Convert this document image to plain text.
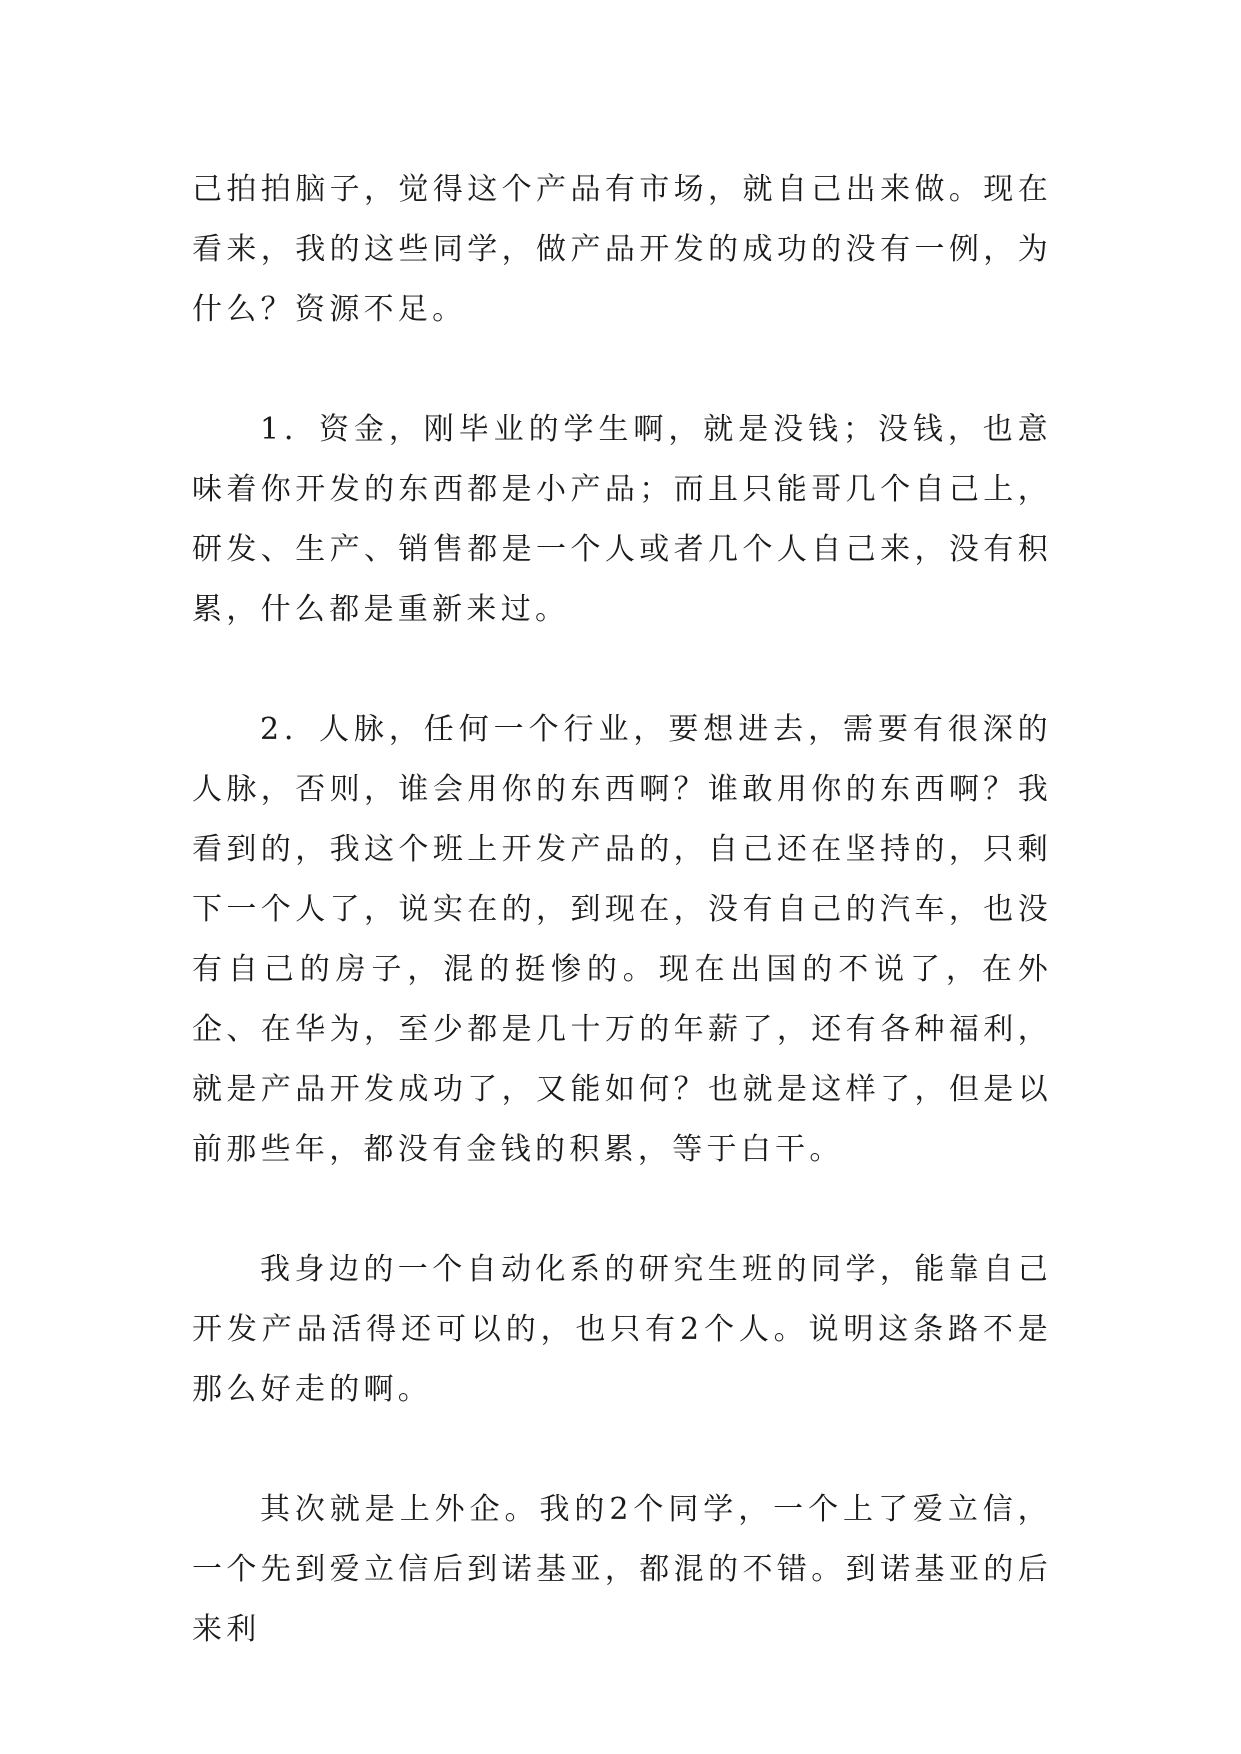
己拍拍脑子，觉得这个产品有市场，就自己出来做。现在看来，我的这些同学，做产品开发的成功的没有一例，为什么？资源不足。

1．资金，刚毕业的学生啊，就是没钱；没钱，也意味着你开发的东西都是小产品；而且只能哥几个自己上，研发、生产、销售都是一个人或者几个人自己来，没有积累，什么都是重新来过。

2．人脉，任何一个行业，要想进去，需要有很深的人脉，否则，谁会用你的东西啊？谁敢用你的东西啊？我看到的，我这个班上开发产品的，自己还在坚持的，只剩下一个人了，说实在的，到现在，没有自己的汽车，也没有自己的房子，混的挺惨的。现在出国的不说了，在外企、在华为，至少都是几十万的年薪了，还有各种福利，就是产品开发成功了，又能如何？也就是这样了，但是以前那些年，都没有金钱的积累，等于白干。

我身边的一个自动化系的研究生班的同学，能靠自己开发产品活得还可以的，也只有2个人。说明这条路不是那么好走的啊。

其次就是上外企。我的2个同学，一个上了爱立信，一个先到爱立信后到诺基亚，都混的不错。到诺基亚的后来利
